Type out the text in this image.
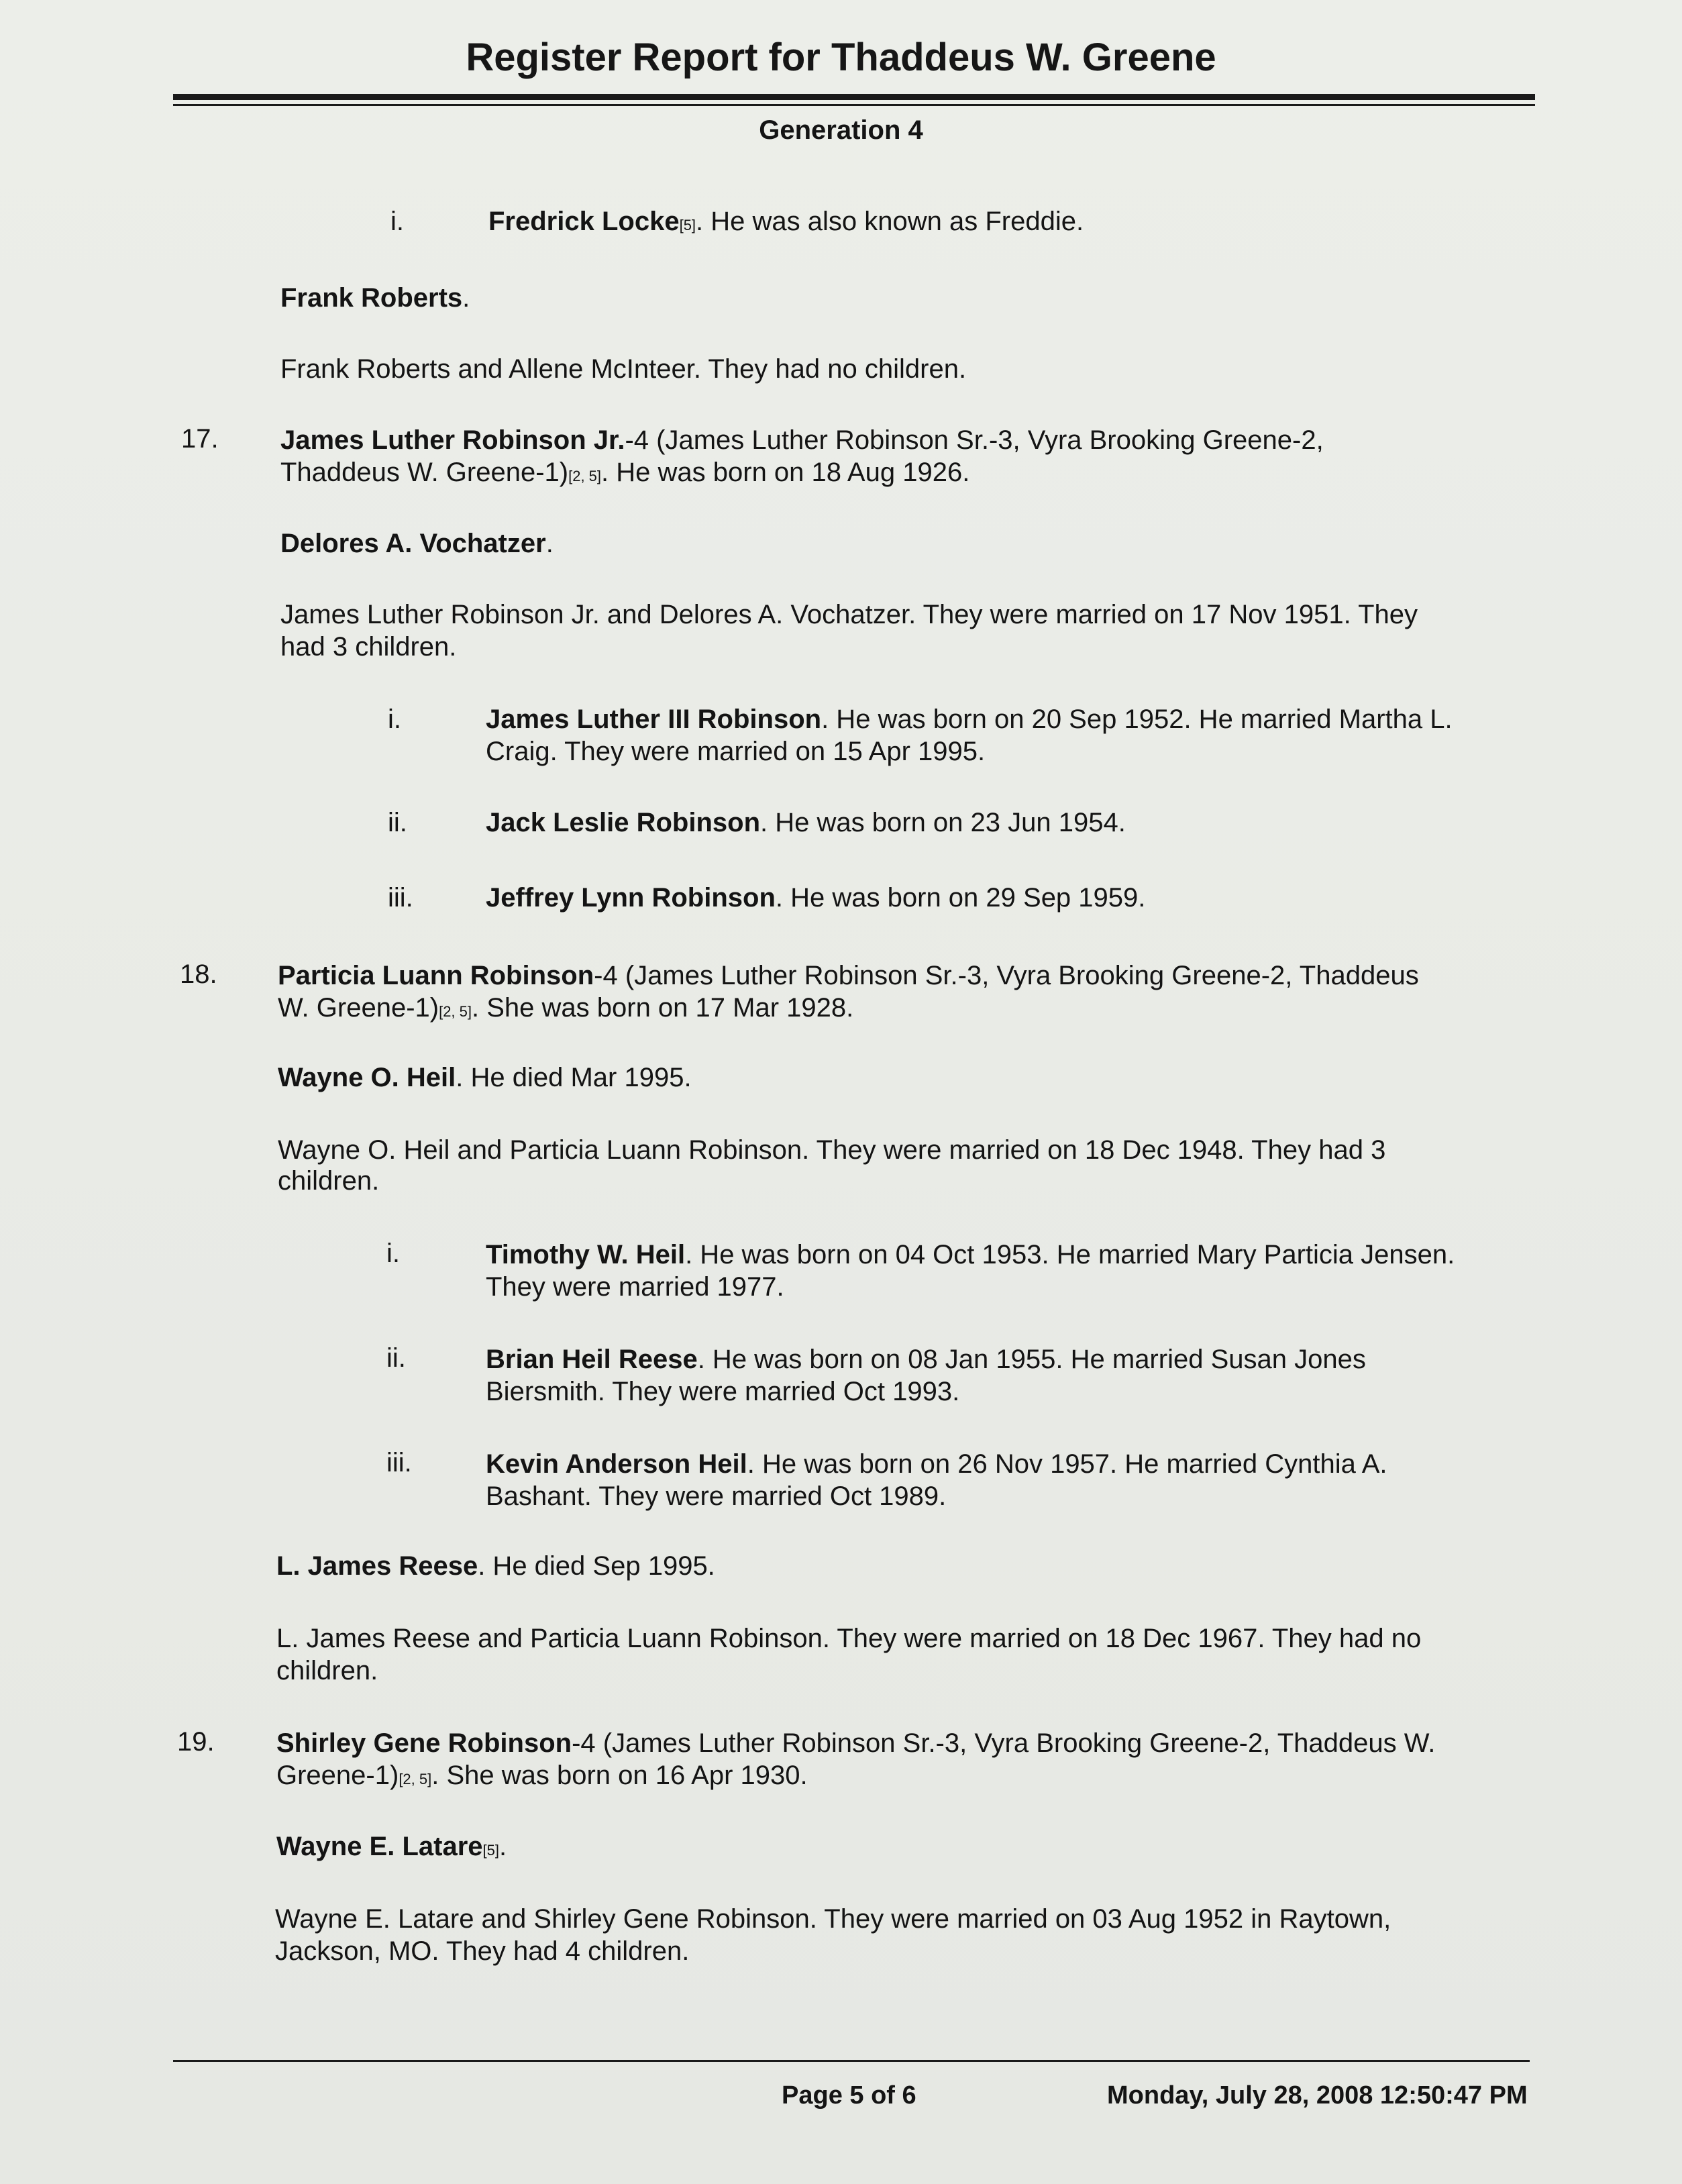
Register Report for Thaddeus W. Greene
Generation 4
i.	Fredrick Locke[5]. He was also known as Freddie.
Frank Roberts.
Frank Roberts and Allene McInteer. They had no children.
17. James Luther Robinson Jr.-4 (James Luther Robinson Sr.-3, Vyra Brooking Greene-2,
Thaddeus W. Greene-1)[2, 5]. He was born on 18 Aug 1926.
Delores A. Vochatzer.
James Luther Robinson Jr. and Delores A. Vochatzer. They were married on 17 Nov 1951. They
had 3 children.
i.	James Luther III Robinson. He was born on 20 Sep 1952. He married Martha L.
Craig. They were married on 15 Apr 1995.
ii.	Jack Leslie Robinson. He was born on 23 Jun 1954.
iii.	Jeffrey Lynn Robinson. He was born on 29 Sep 1959.
18. Particia Luann Robinson-4 (James Luther Robinson Sr.-3, Vyra Brooking Greene-2, Thaddeus
W. Greene-1)[2, 5]. She was born on 17 Mar 1928.
Wayne O. Heil. He died Mar 1995.
Wayne O. Heil and Particia Luann Robinson. They were married on 18 Dec 1948. They had 3
children.
i.	Timothy W. Heil. He was born on 04 Oct 1953. He married Mary Particia Jensen.
They were married 1977.
ii.	Brian Heil Reese. He was born on 08 Jan 1955. He married Susan Jones
Biersmith. They were married Oct 1993.
iii.	Kevin Anderson Heil. He was born on 26 Nov 1957. He married Cynthia A.
Bashant. They were married Oct 1989.
L. James Reese. He died Sep 1995.
L. James Reese and Particia Luann Robinson. They were married on 18 Dec 1967. They had no
children.
19. Shirley Gene Robinson-4 (James Luther Robinson Sr.-3, Vyra Brooking Greene-2, Thaddeus W.
Greene-1)[2, 5]. She was born on 16 Apr 1930.
Wayne E. Latare[5].
Wayne E. Latare and Shirley Gene Robinson. They were married on 03 Aug 1952 in Raytown,
Jackson, MO. They had 4 children.
Page 5 of 6	Monday, July 28, 2008 12:50:47 PM
